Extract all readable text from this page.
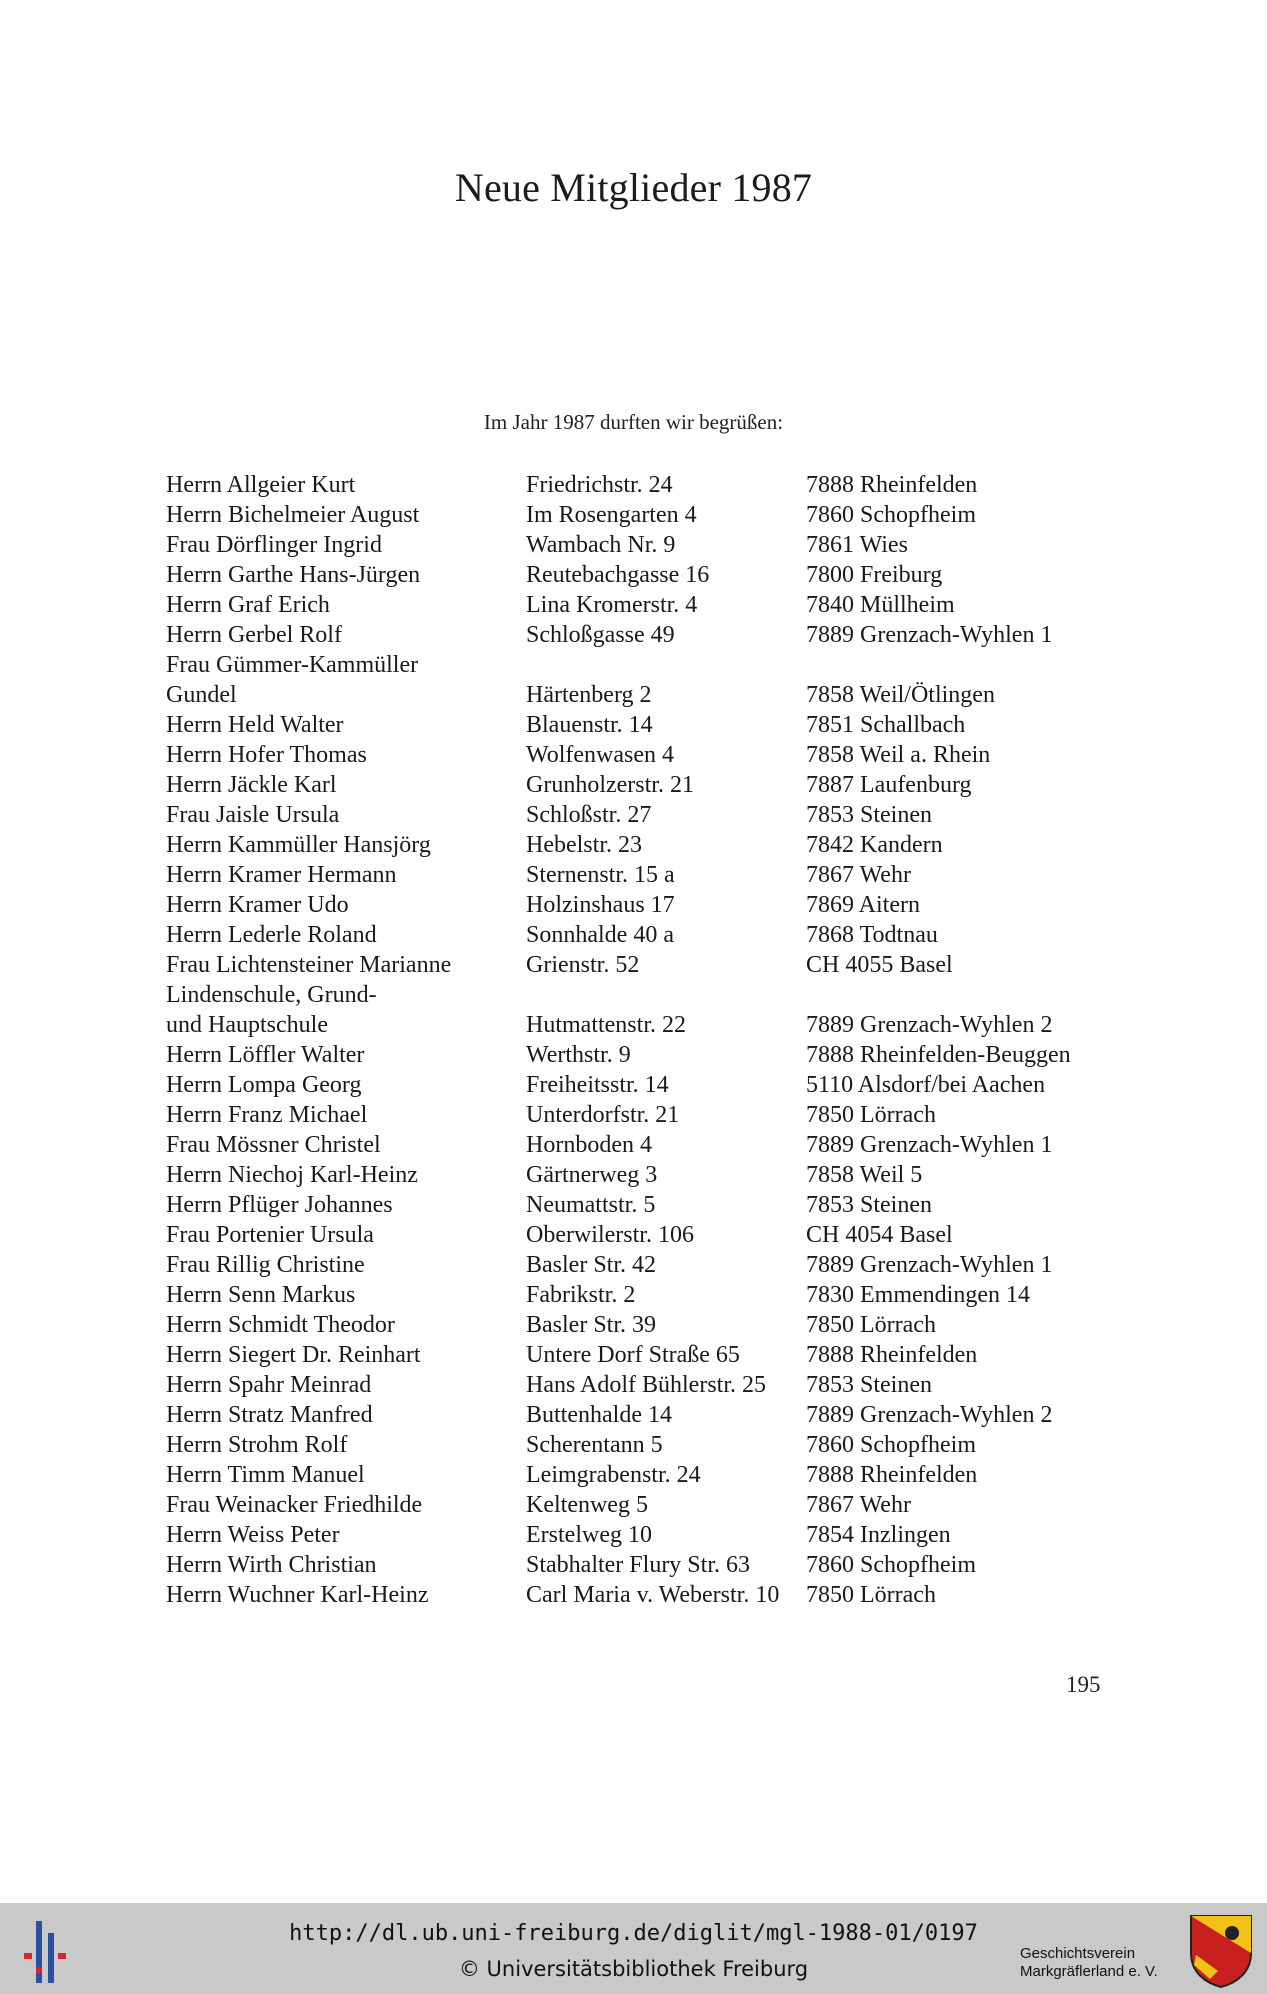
Neue Mitglieder 1987
Im Jahr 1987 durften wir begrüßen:
Herrn Allgeier Kurt	Friedrichstr. 24	7888 Rheinfelden
Herrn Bichelmeier August	Im Rosengarten 4	7860 Schopfheim
Frau Dörflinger Ingrid	Wambach Nr. 9	7861 Wies
Herrn Garthe Hans-Jürgen	Reutebachgasse 16	7800 Freiburg
Herrn Graf Erich	Lina Kromerstr. 4	7840 Müllheim
Herrn Gerbel Rolf	Schloßgasse 49	7889 Grenzach-Wyhlen 1
Frau Gümmer-Kammüller
Gundel	Härtenberg 2	7858 Weil/Ötlingen
Herrn Held Walter	Blauenstr. 14	7851 Schallbach
Herrn Hofer Thomas	Wolfenwasen 4	7858 Weil a. Rhein
Herrn Jäckle Karl	Grunholzerstr. 21	7887 Laufenburg
Frau Jaisle Ursula	Schloßstr. 27	7853 Steinen
Herrn Kammüller Hansjörg	Hebelstr. 23	7842 Kandern
Herrn Kramer Hermann	Sternenstr. 15 a	7867 Wehr
Herrn Kramer Udo	Holzinshaus 17	7869 Aitern
Herrn Lederle Roland	Sonnhalde 40 a	7868 Todtnau
Frau Lichtensteiner Marianne	Grienstr. 52	CH 4055 Basel
Lindenschule, Grund-
und Hauptschule	Hutmattenstr. 22	7889 Grenzach-Wyhlen 2
Herrn Löffler Walter	Werthstr. 9	7888 Rheinfelden-Beuggen
Herrn Lompa Georg	Freiheitsstr. 14	5110 Alsdorf/bei Aachen
Herrn Franz Michael	Unterdorfstr. 21	7850 Lörrach
Frau Mössner Christel	Hornboden 4	7889 Grenzach-Wyhlen 1
Herrn Niechoj Karl-Heinz	Gärtnerweg 3	7858 Weil 5
Herrn Pflüger Johannes	Neumattstr. 5	7853 Steinen
Frau Portenier Ursula	Oberwilerstr. 106	CH 4054 Basel
Frau Rillig Christine	Basler Str. 42	7889 Grenzach-Wyhlen 1
Herrn Senn Markus	Fabrikstr. 2	7830 Emmendingen 14
Herrn Schmidt Theodor	Basler Str. 39	7850 Lörrach
Herrn Siegert Dr. Reinhart	Untere Dorf Straße 65	7888 Rheinfelden
Herrn Spahr Meinrad	Hans Adolf Bühlerstr. 25 7853 Steinen
Herrn Stratz Manfred	Buttenhalde 14	7889 Grenzach-Wyhlen 2
Herrn Strohm Rolf	Scherentann 5	7860 Schopfheim
Herrn Timm Manuel	Leimgrabenstr. 24	7888 Rheinfelden
Frau Weinacker Friedhilde	Keltenweg 5	7867 Wehr
Herrn Weiss Peter	Erstelweg 10	7854 Inzlingen
Herrn Wirth Christian	Stabhalter Flury Str. 63 7860 Schopfheim
Herrn Wuchner Karl-Heinz	Carl Maria v. Weberstr. 10 7850 Lörrach
195
http://dl.ub.uni-freiburg.de/diglit/mgl-1988-01/0197
© Universitätsbibliothek Freiburg
Geschichtsverein
Markgräflerland e. V.
